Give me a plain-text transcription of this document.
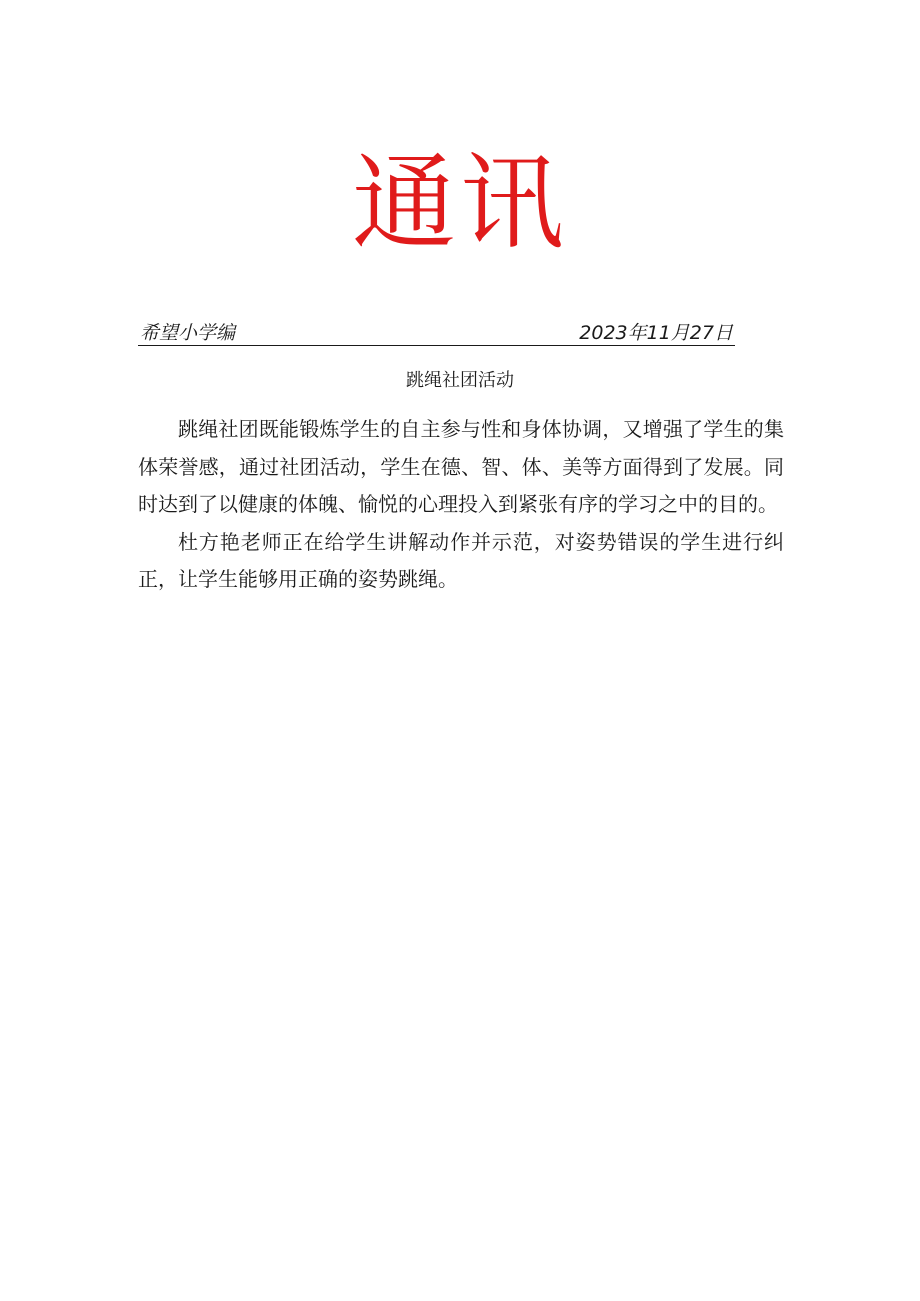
通讯
希望小学编	2023年11月27日
跳绳社团活动

跳绳社团既能锻炼学生的自主参与性和身体协调，又增强了学生的集体荣誉感，通过社团活动，学生在德、智、体、美等方面得到了发展。同时达到了以健康的体魄、愉悦的心理投入到紧张有序的学习之中的目的。

杜方艳老师正在给学生讲解动作并示范，对姿势错误的学生进行纠正，让学生能够用正确的姿势跳绳。
